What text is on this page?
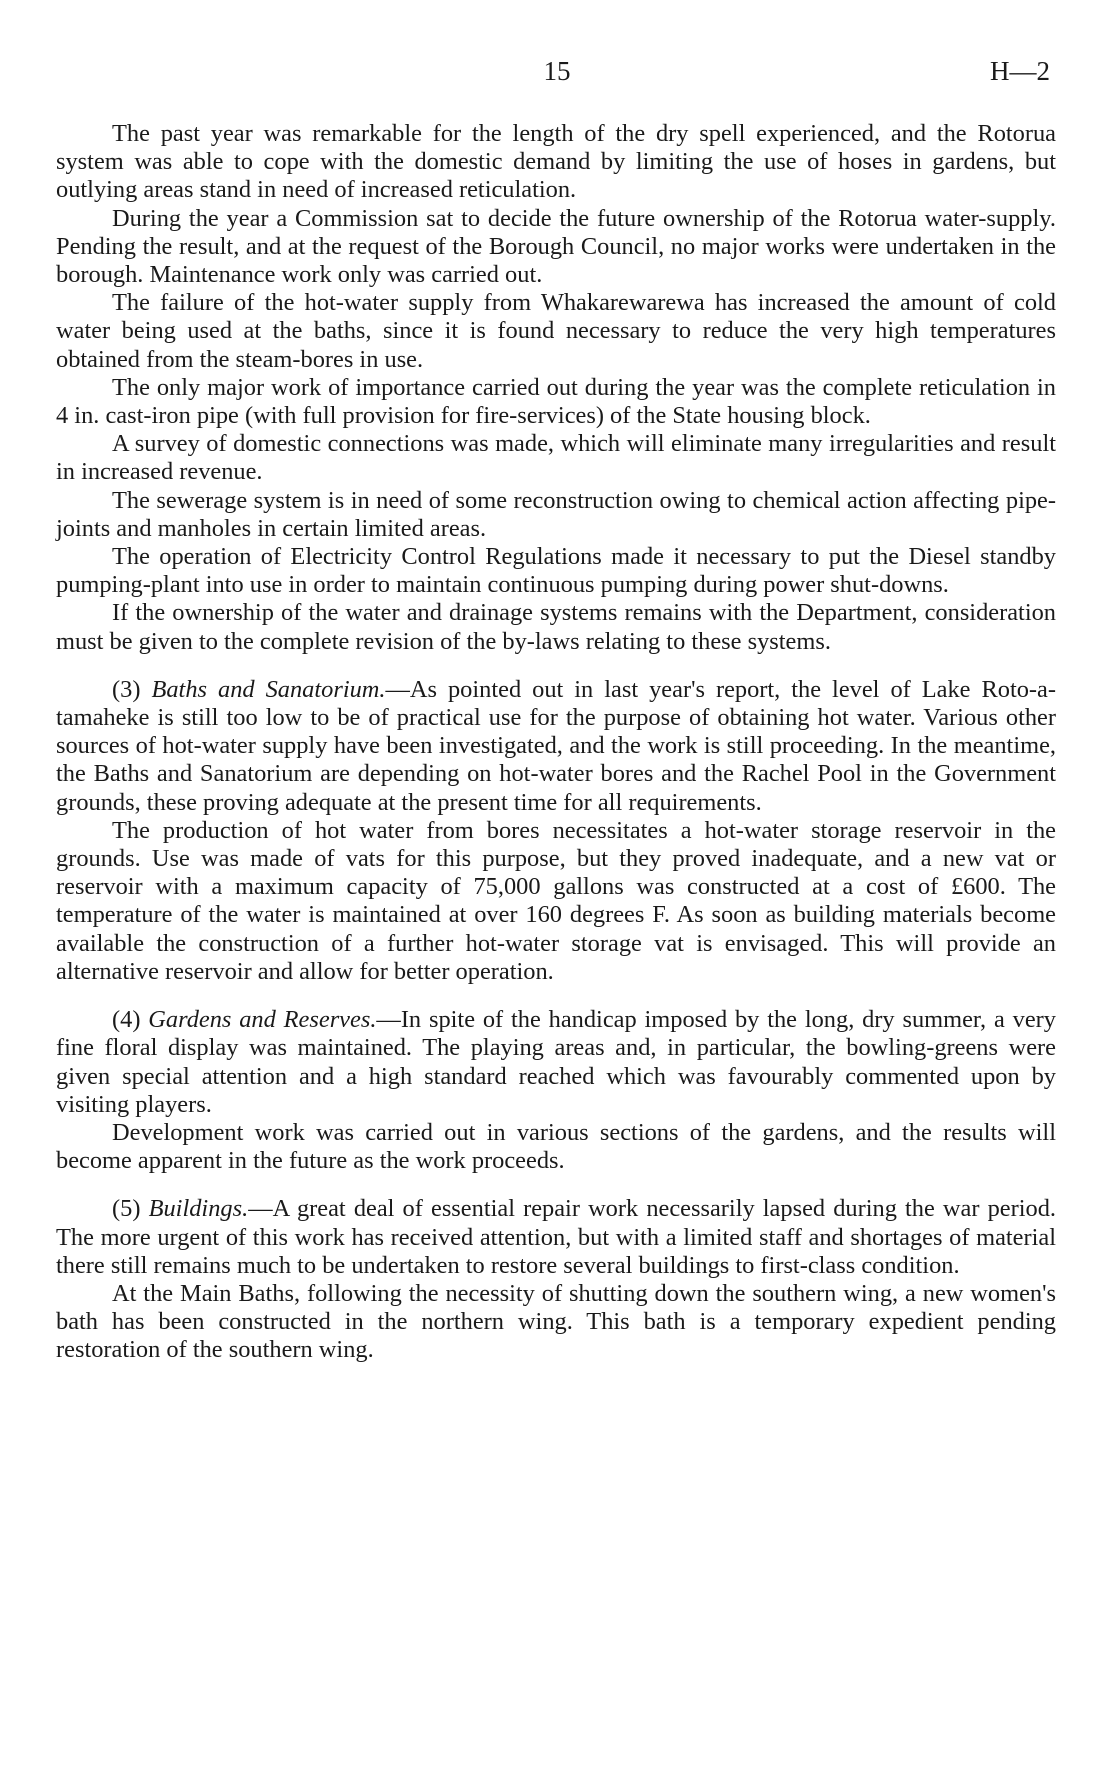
15	H—2

The past year was remarkable for the length of the dry spell experienced, and the Rotorua system was able to cope with the domestic demand by limiting the use of hoses in gardens, but outlying areas stand in need of increased reticulation.

During the year a Commission sat to decide the future ownership of the Rotorua water-supply. Pending the result, and at the request of the Borough Council, no major works were undertaken in the borough. Maintenance work only was carried out.

The failure of the hot-water supply from Whakarewarewa has increased the amount of cold water being used at the baths, since it is found necessary to reduce the very high temperatures obtained from the steam-bores in use.

The only major work of importance carried out during the year was the complete reticulation in 4 in. cast-iron pipe (with full provision for fire-services) of the State housing block.

A survey of domestic connections was made, which will eliminate many irregularities and result in increased revenue.

The sewerage system is in need of some reconstruction owing to chemical action affecting pipe-joints and manholes in certain limited areas.

The operation of Electricity Control Regulations made it necessary to put the Diesel standby pumping-plant into use in order to maintain continuous pumping during power shut-downs.

If the ownership of the water and drainage systems remains with the Department, consideration must be given to the complete revision of the by-laws relating to these systems.

(3) Baths and Sanatorium.—As pointed out in last year's report, the level of Lake Roto-a-tamaheke is still too low to be of practical use for the purpose of obtaining hot water. Various other sources of hot-water supply have been investigated, and the work is still proceeding. In the meantime, the Baths and Sanatorium are depending on hot-water bores and the Rachel Pool in the Government grounds, these proving adequate at the present time for all requirements.

The production of hot water from bores necessitates a hot-water storage reservoir in the grounds. Use was made of vats for this purpose, but they proved inadequate, and a new vat or reservoir with a maximum capacity of 75,000 gallons was constructed at a cost of £600. The temperature of the water is maintained at over 160 degrees F. As soon as building materials become available the construction of a further hot-water storage vat is envisaged. This will provide an alternative reservoir and allow for better operation.

(4) Gardens and Reserves.—In spite of the handicap imposed by the long, dry summer, a very fine floral display was maintained. The playing areas and, in particular, the bowling-greens were given special attention and a high standard reached which was favourably commented upon by visiting players.

Development work was carried out in various sections of the gardens, and the results will become apparent in the future as the work proceeds.

(5) Buildings.—A great deal of essential repair work necessarily lapsed during the war period. The more urgent of this work has received attention, but with a limited staff and shortages of material there still remains much to be undertaken to restore several buildings to first-class condition.

At the Main Baths, following the necessity of shutting down the southern wing, a new women's bath has been constructed in the northern wing. This bath is a temporary expedient pending restoration of the southern wing.
